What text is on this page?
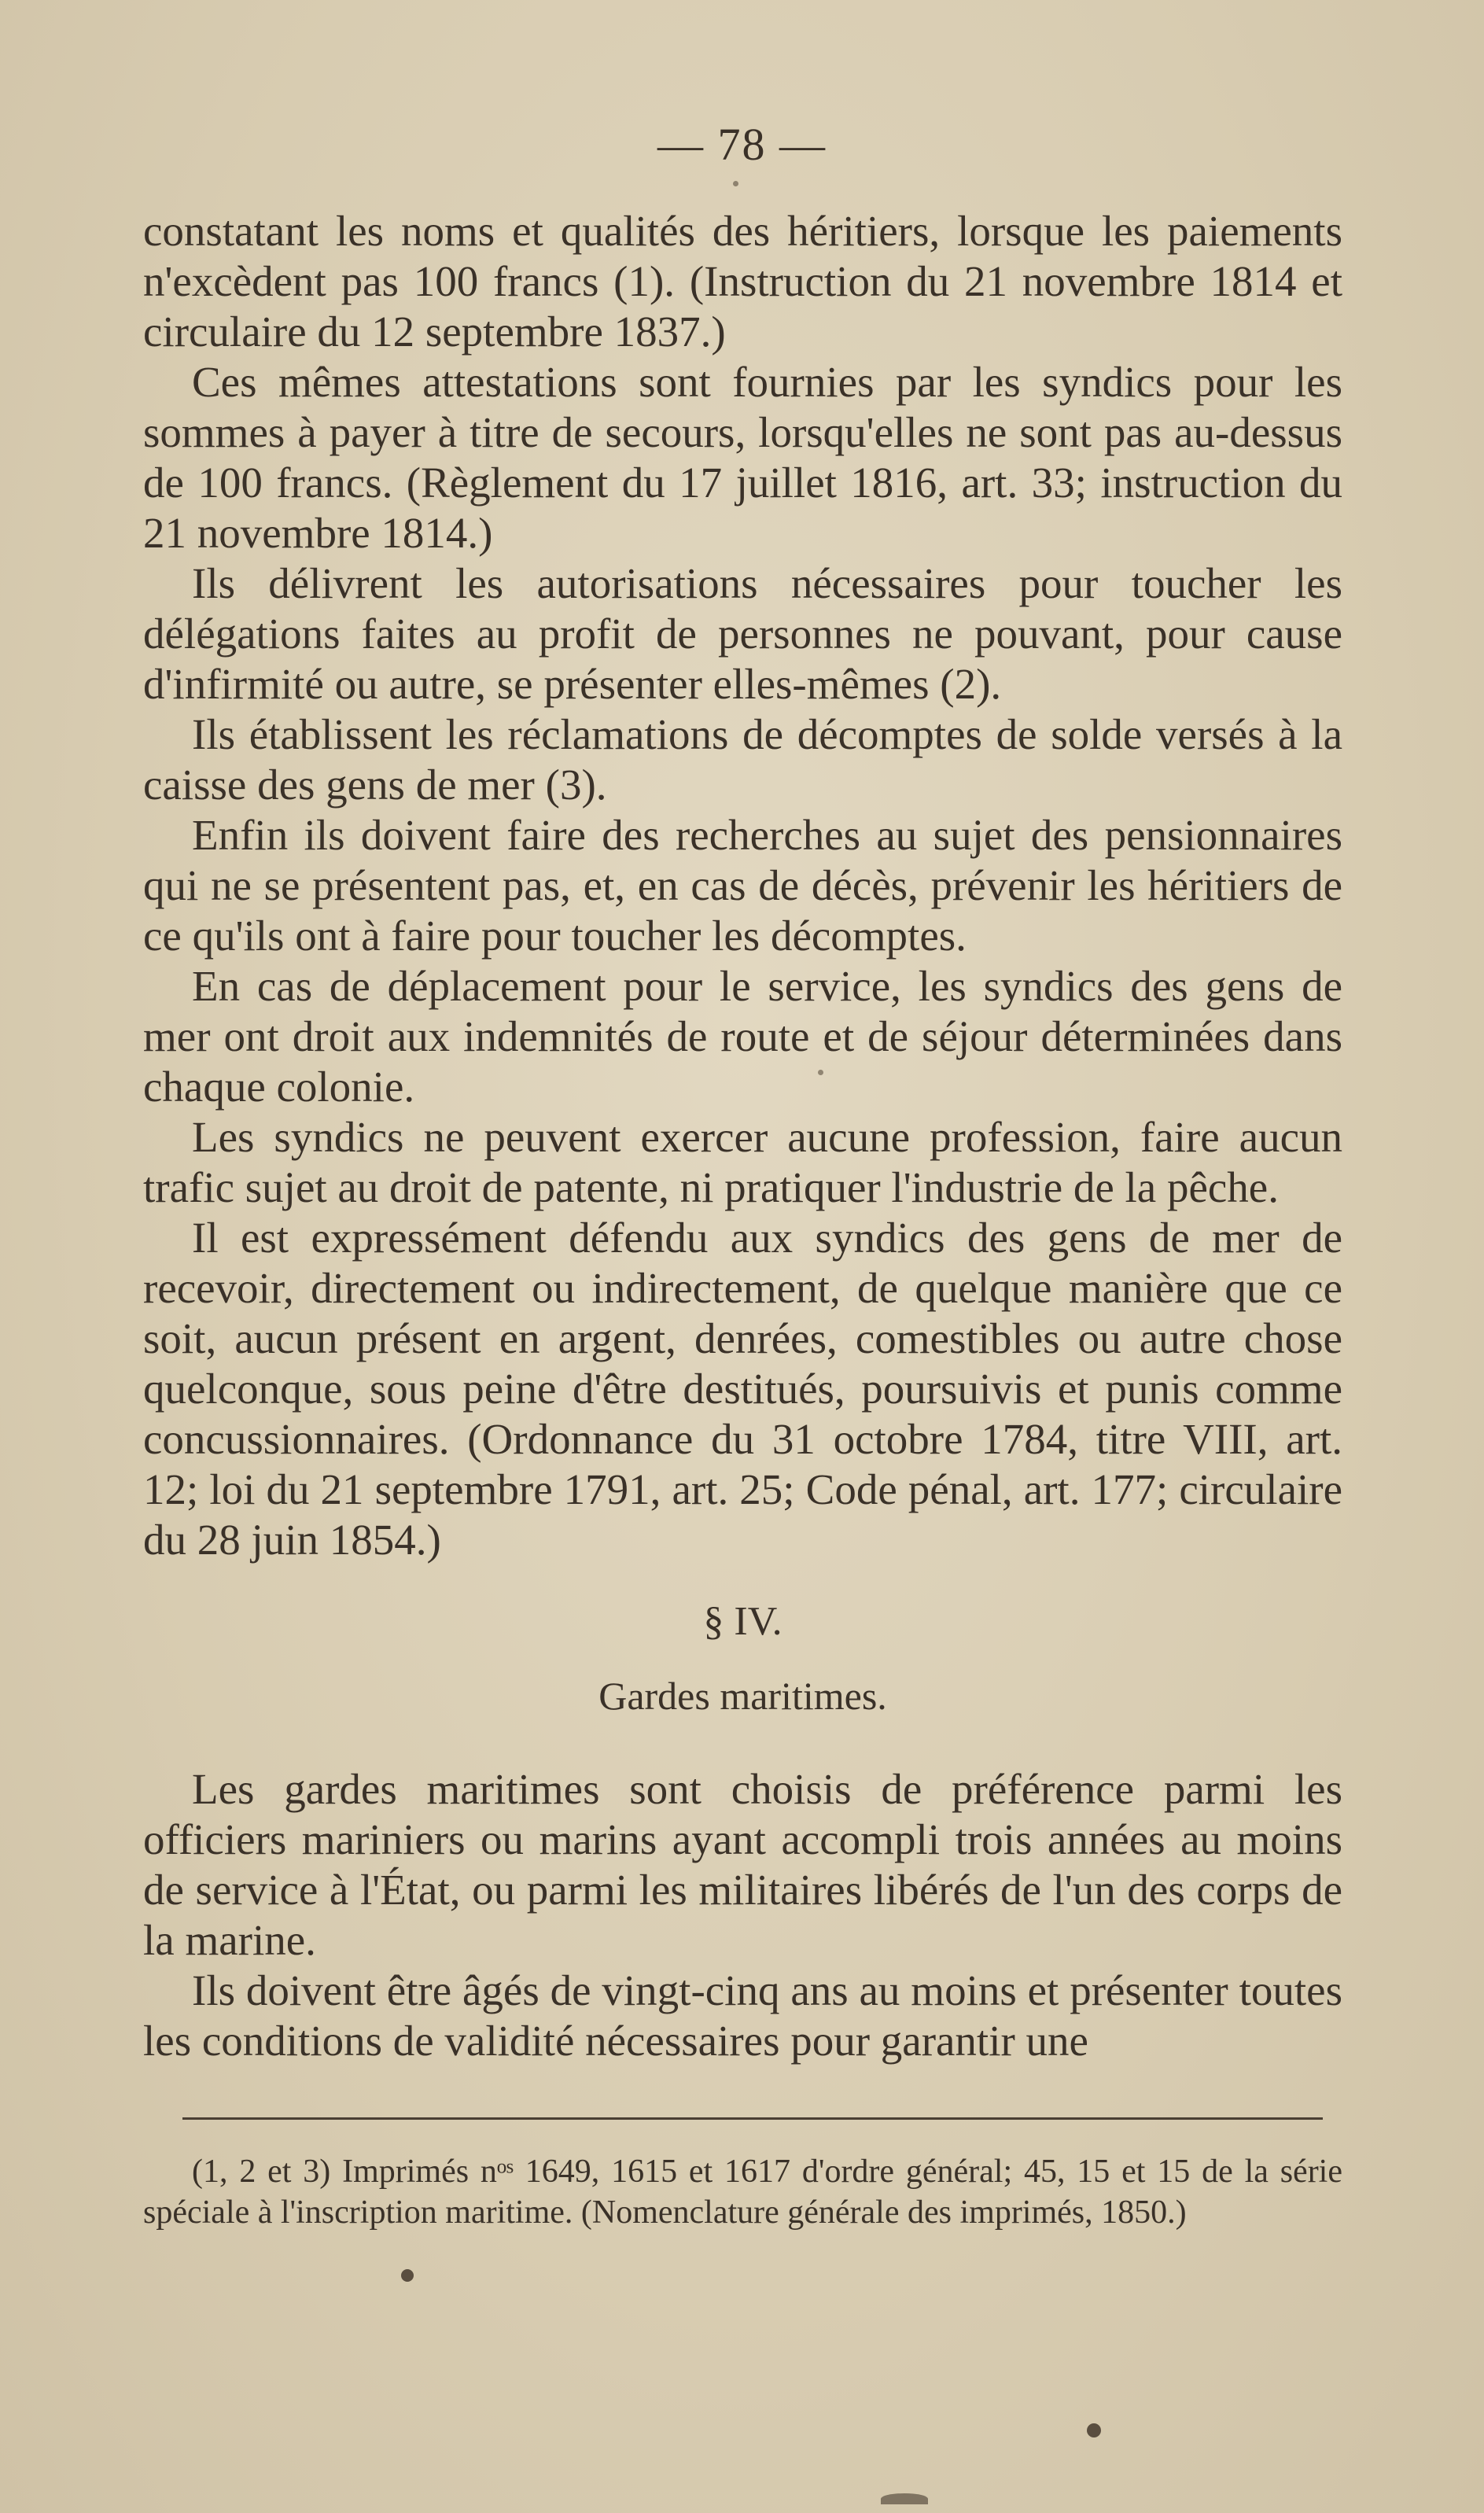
— 78 —

constatant les noms et qualités des héritiers, lorsque les paiements n'excèdent pas 100 francs (1). (Instruction du 21 novembre 1814 et circulaire du 12 septembre 1837.)

Ces mêmes attestations sont fournies par les syndics pour les sommes à payer à titre de secours, lorsqu'elles ne sont pas au-dessus de 100 francs. (Règlement du 17 juillet 1816, art. 33; instruction du 21 novembre 1814.)

Ils délivrent les autorisations nécessaires pour toucher les délégations faites au profit de personnes ne pouvant, pour cause d'infirmité ou autre, se présenter elles-mêmes (2).

Ils établissent les réclamations de décomptes de solde versés à la caisse des gens de mer (3).

Enfin ils doivent faire des recherches au sujet des pensionnaires qui ne se présentent pas, et, en cas de décès, prévenir les héritiers de ce qu'ils ont à faire pour toucher les décomptes.

En cas de déplacement pour le service, les syndics des gens de mer ont droit aux indemnités de route et de séjour déterminées dans chaque colonie.

Les syndics ne peuvent exercer aucune profession, faire aucun trafic sujet au droit de patente, ni pratiquer l'industrie de la pêche.

Il est expressément défendu aux syndics des gens de mer de recevoir, directement ou indirectement, de quelque manière que ce soit, aucun présent en argent, denrées, comestibles ou autre chose quelconque, sous peine d'être destitués, poursuivis et punis comme concussionnaires. (Ordonnance du 31 octobre 1784, titre VIII, art. 12; loi du 21 septembre 1791, art. 25; Code pénal, art. 177; circulaire du 28 juin 1854.)

§ IV.
Gardes maritimes.

Les gardes maritimes sont choisis de préférence parmi les officiers mariniers ou marins ayant accompli trois années au moins de service à l'État, ou parmi les militaires libérés de l'un des corps de la marine.

Ils doivent être âgés de vingt-cinq ans au moins et présenter toutes les conditions de validité nécessaires pour garantir une

(1, 2 et 3) Imprimés nᵒˢ 1649, 1615 et 1617 d'ordre général; 45, 15 et 15 de la série spéciale à l'inscription maritime. (Nomenclature générale des imprimés, 1850.)
